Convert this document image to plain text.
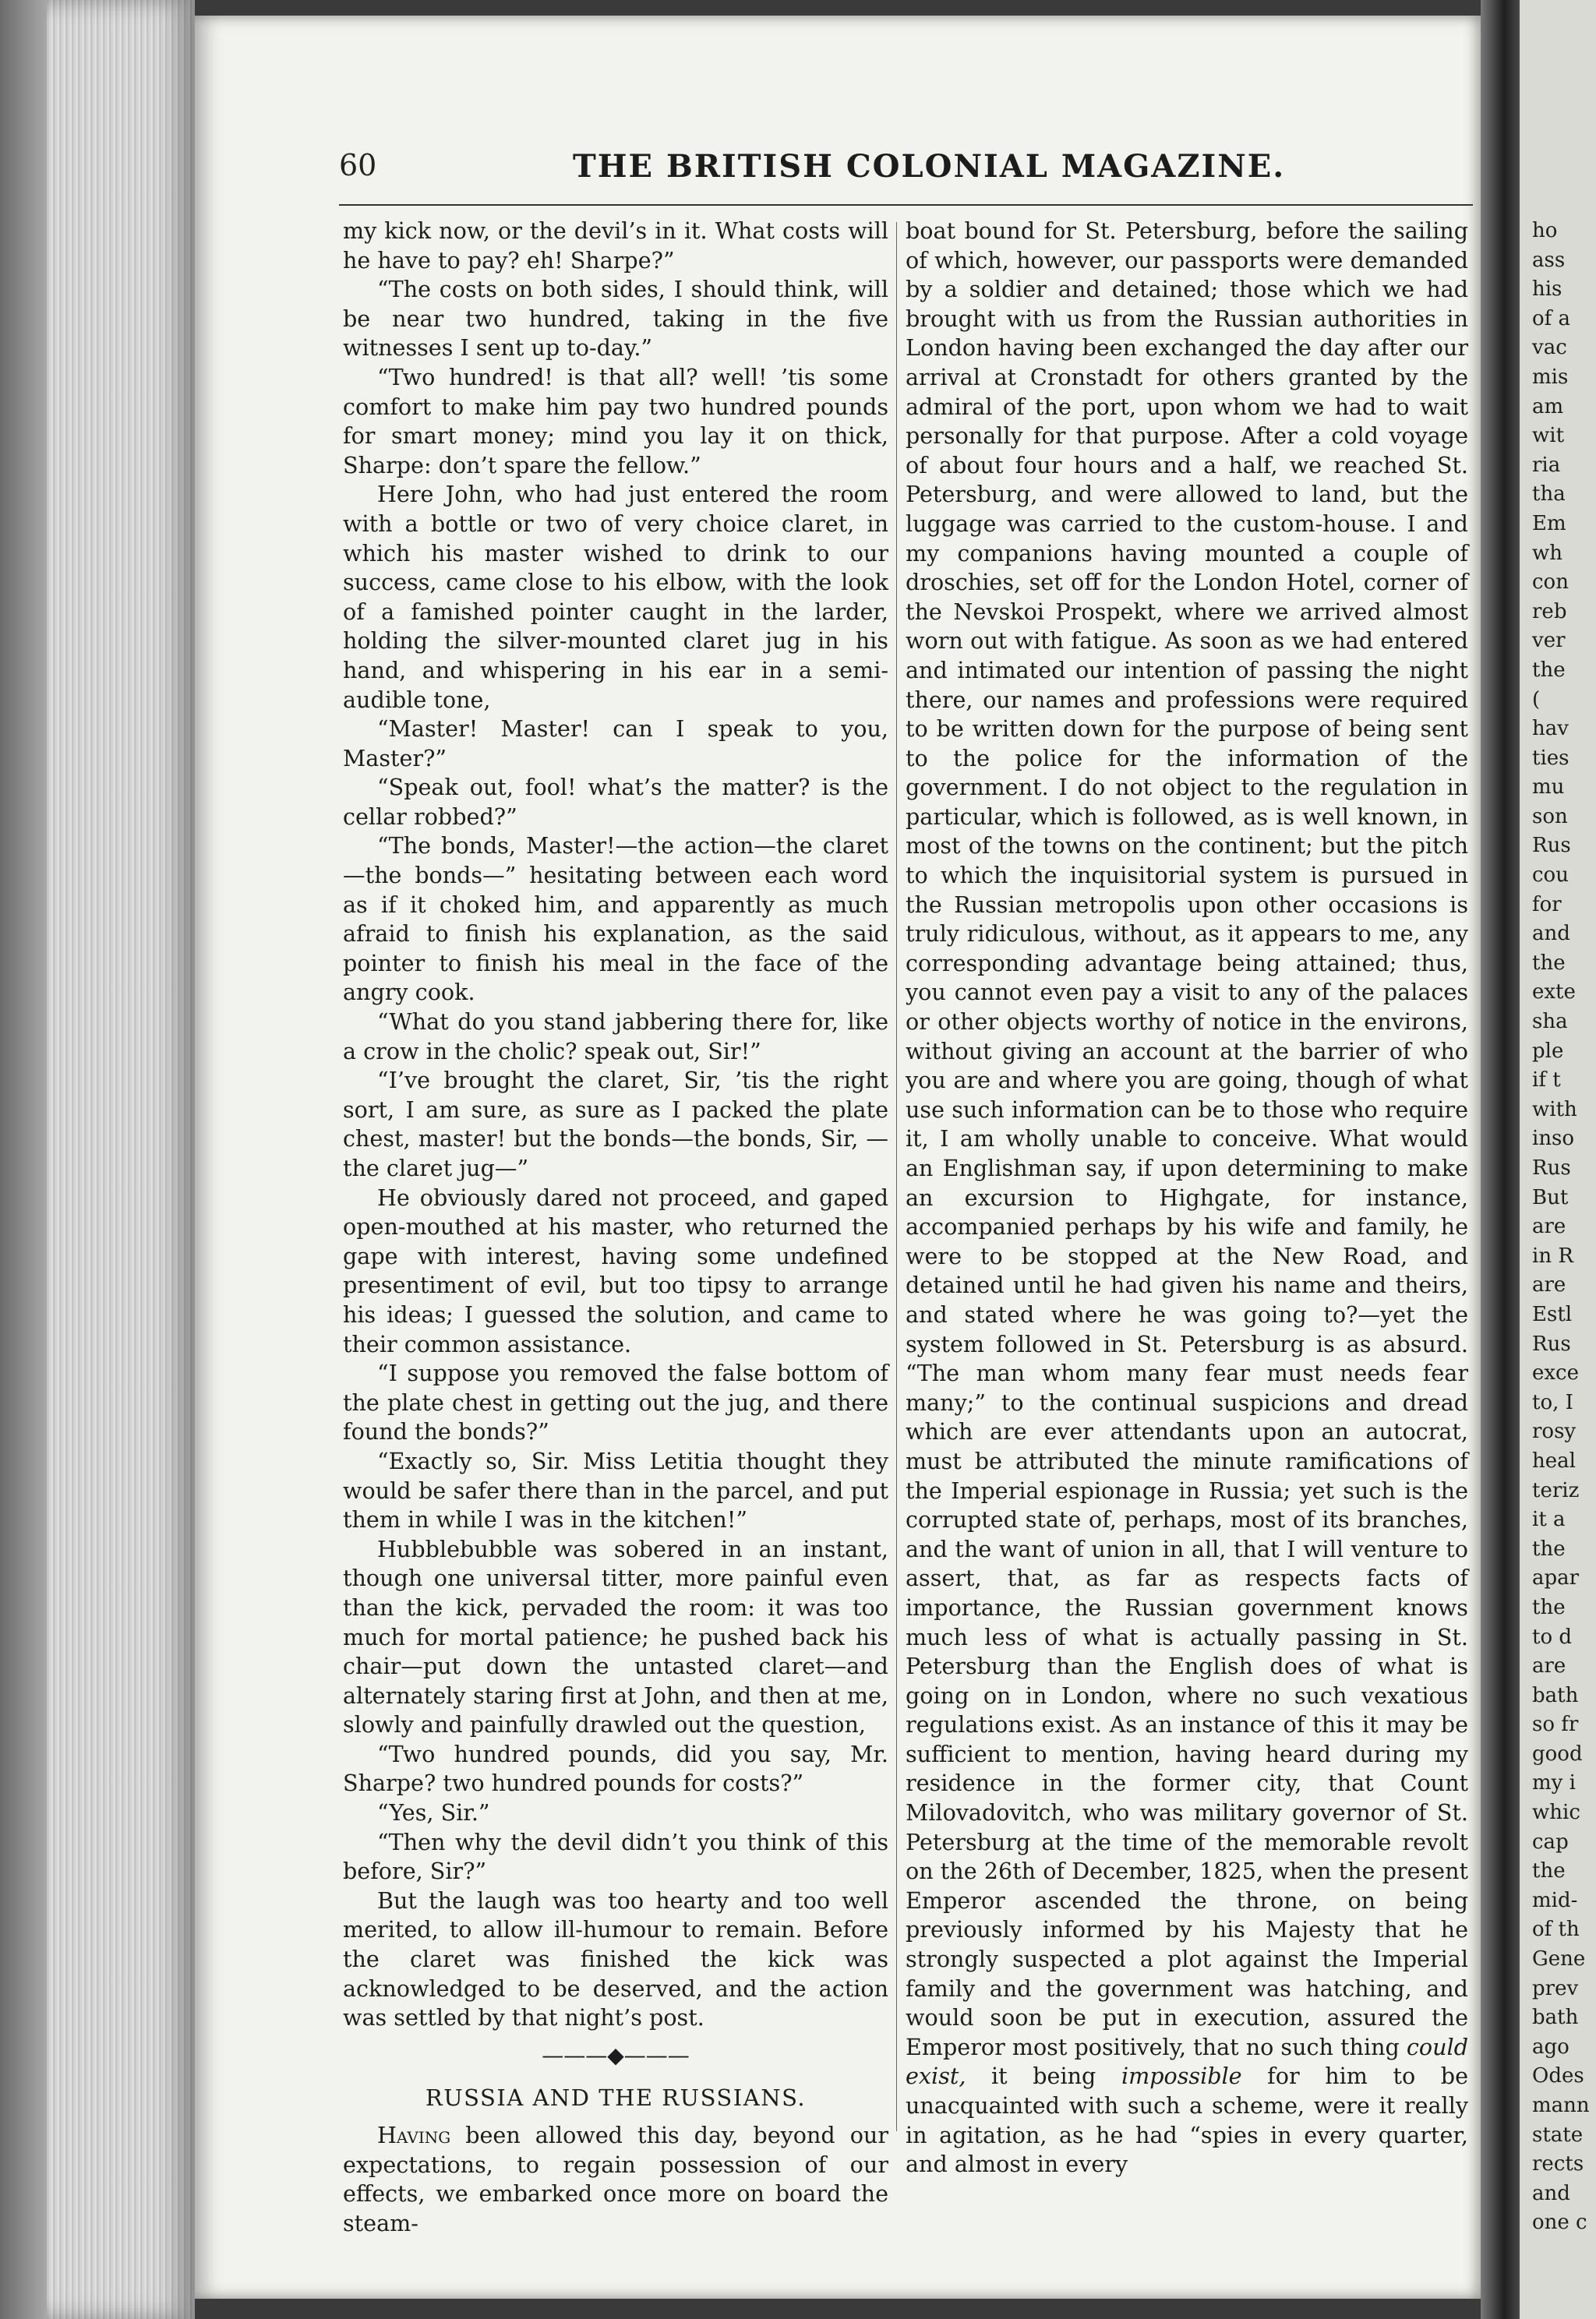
ho
ass
his
of a
vac
mis
am
wit
ria
tha
Em
wh
con
reb
ver
the
(
hav
ties
mu
son
Rus
cou
for
and
the
exte
sha
ple
if t
with
inso
Rus
But
are
in R
are
Estl
Rus
exce
to, I
rosy
heal
teriz
it a
the
apar
the
to d
are
bath
so fr
good
my i
whic
cap
the
mid-
of th
Gene
prev
bath
ago
Odes
mann
state
rects
and
one c
60	THE BRITISH COLONIAL MAGAZINE.

my kick now, or the devil’s in it. What costs will he have to pay? eh! Sharpe?”

“The costs on both sides, I should think, will be near two hundred, taking in the five witnesses I sent up to-day.”

“Two hundred! is that all? well! ’tis some comfort to make him pay two hundred pounds for smart money; mind you lay it on thick, Sharpe: don’t spare the fellow.”

Here John, who had just entered the room with a bottle or two of very choice claret, in which his master wished to drink to our success, came close to his elbow, with the look of a famished pointer caught in the larder, holding the silver-mounted claret jug in his hand, and whispering in his ear in a semi-audible tone,

“Master! Master! can I speak to you, Master?”

“Speak out, fool! what’s the matter? is the cellar robbed?”

“The bonds, Master!—the action—the claret—the bonds—” hesitating between each word as if it choked him, and apparently as much afraid to finish his explanation, as the said pointer to finish his meal in the face of the angry cook.

“What do you stand jabbering there for, like a crow in the cholic? speak out, Sir!”

“I’ve brought the claret, Sir, ’tis the right sort, I am sure, as sure as I packed the plate chest, master! but the bonds—the bonds, Sir, —the claret jug—”

He obviously dared not proceed, and gaped open-mouthed at his master, who returned the gape with interest, having some undefined presentiment of evil, but too tipsy to arrange his ideas; I guessed the solution, and came to their common assistance.

“I suppose you removed the false bottom of the plate chest in getting out the jug, and there found the bonds?”

“Exactly so, Sir. Miss Letitia thought they would be safer there than in the parcel, and put them in while I was in the kitchen!”

Hubblebubble was sobered in an instant, though one universal titter, more painful even than the kick, pervaded the room: it was too much for mortal patience; he pushed back his chair—put down the untasted claret—and alternately staring first at John, and then at me, slowly and painfully drawled out the question,

“Two hundred pounds, did you say, Mr. Sharpe? two hundred pounds for costs?”

“Yes, Sir.”

“Then why the devil didn’t you think of this before, Sir?”

But the laugh was too hearty and too well merited, to allow ill-humour to remain. Before the claret was finished the kick was acknowledged to be deserved, and the action was settled by that night’s post.

———◆———
RUSSIA AND THE RUSSIANS.

Having been allowed this day, beyond our expectations, to regain possession of our effects, we embarked once more on board the steam-

boat bound for St. Petersburg, before the sailing of which, however, our passports were demanded by a soldier and detained; those which we had brought with us from the Russian authorities in London having been exchanged the day after our arrival at Cronstadt for others granted by the admiral of the port, upon whom we had to wait personally for that purpose. After a cold voyage of about four hours and a half, we reached St. Petersburg, and were allowed to land, but the luggage was carried to the custom-house. I and my companions having mounted a couple of droschies, set off for the London Hotel, corner of the Nevskoi Prospekt, where we arrived almost worn out with fatigue. As soon as we had entered and intimated our intention of passing the night there, our names and professions were required to be written down for the purpose of being sent to the police for the information of the government. I do not object to the regulation in particular, which is followed, as is well known, in most of the towns on the continent; but the pitch to which the inquisitorial system is pursued in the Russian metropolis upon other occasions is truly ridiculous, without, as it appears to me, any corresponding advantage being attained; thus, you cannot even pay a visit to any of the palaces or other objects worthy of notice in the environs, without giving an account at the barrier of who you are and where you are going, though of what use such information can be to those who require it, I am wholly unable to conceive. What would an Englishman say, if upon determining to make an excursion to Highgate, for instance, accompanied perhaps by his wife and family, he were to be stopped at the New Road, and detained until he had given his name and theirs, and stated where he was going to?—yet the system followed in St. Petersburg is as absurd. “The man whom many fear must needs fear many;” to the continual suspicions and dread which are ever attendants upon an autocrat, must be attributed the minute ramifications of the Imperial espionage in Russia; yet such is the corrupted state of, perhaps, most of its branches, and the want of union in all, that I will venture to assert, that, as far as respects facts of importance, the Russian government knows much less of what is actually passing in St. Petersburg than the English does of what is going on in London, where no such vexatious regulations exist. As an instance of this it may be sufficient to mention, having heard during my residence in the former city, that Count Milovadovitch, who was military governor of St. Petersburg at the time of the memorable revolt on the 26th of December, 1825, when the present Emperor ascended the throne, on being previously informed by his Majesty that he strongly suspected a plot against the Imperial family and the government was hatching, and would soon be put in execution, assured the Emperor most positively, that no such thing could exist, it being impossible for him to be unacquainted with such a scheme, were it really in agitation, as he had “spies in every quarter, and almost in every
